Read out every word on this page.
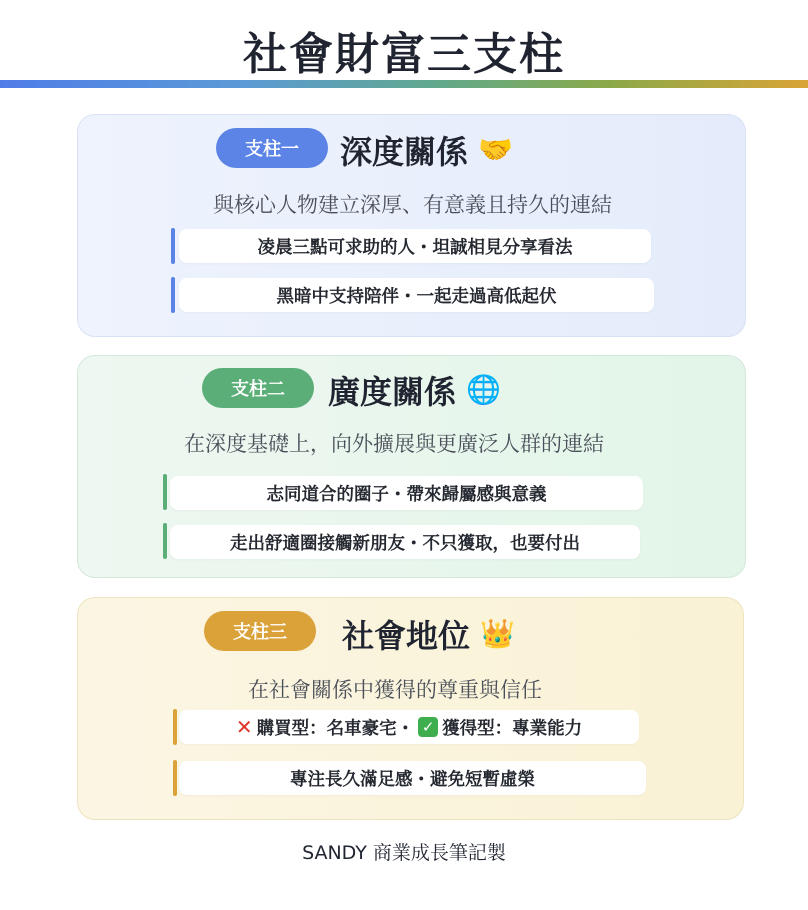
社會財富三支柱
支柱一	深度關係 🤝
與核心人物建立深厚、有意義且持久的連結
凌晨三點可求助的人・坦誠相見分享看法
黑暗中支持陪伴・一起走過高低起伏
支柱二	廣度關係 🌐
在深度基礎上，向外擴展與更廣泛人群的連結
志同道合的圈子・帶來歸屬感與意義
走出舒適圈接觸新朋友・不只獲取，也要付出
支柱三	社會地位 👑
在社會關係中獲得的尊重與信任
✕ 購買型：名車豪宅・ ✓ 獲得型：專業能力
專注長久滿足感・避免短暫虛榮
SANDY 商業成長筆記製
